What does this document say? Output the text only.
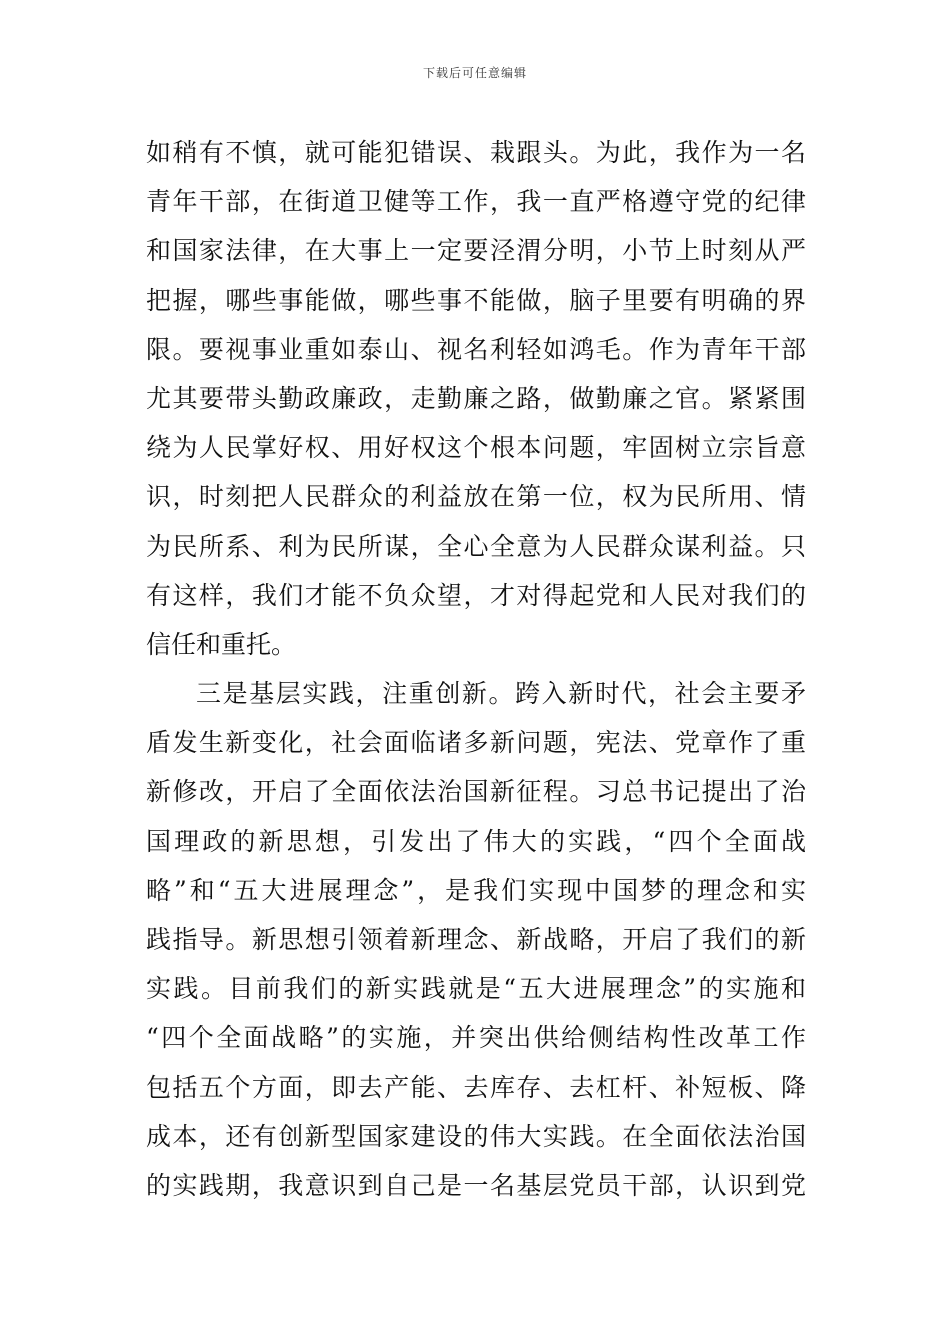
下载后可任意编辑
如稍有不慎，就可能犯错误、栽跟头。为此，我作为一名
青年干部，在街道卫健等工作，我一直严格遵守党的纪律
和国家法律，在大事上一定要泾渭分明，小节上时刻从严
把握，哪些事能做，哪些事不能做，脑子里要有明确的界
限。要视事业重如泰山、视名利轻如鸿毛。作为青年干部
尤其要带头勤政廉政，走勤廉之路，做勤廉之官。紧紧围
绕为人民掌好权、用好权这个根本问题，牢固树立宗旨意
识，时刻把人民群众的利益放在第一位，权为民所用、情
为民所系、利为民所谋，全心全意为人民群众谋利益。只
有这样，我们才能不负众望，才对得起党和人民对我们的
信任和重托。
三是基层实践，注重创新。跨入新时代，社会主要矛
盾发生新变化，社会面临诸多新问题，宪法、党章作了重
新修改，开启了全面依法治国新征程。习总书记提出了治
国理政的新思想，引发出了伟大的实践，“四个全面战
略”和“五大进展理念”，是我们实现中国梦的理念和实
践指导。新思想引领着新理念、新战略，开启了我们的新
实践。目前我们的新实践就是“五大进展理念”的实施和
“四个全面战略”的实施，并突出供给侧结构性改革工作
包括五个方面，即去产能、去库存、去杠杆、补短板、降
成本，还有创新型国家建设的伟大实践。在全面依法治国
的实践期，我意识到自己是一名基层党员干部，认识到党
